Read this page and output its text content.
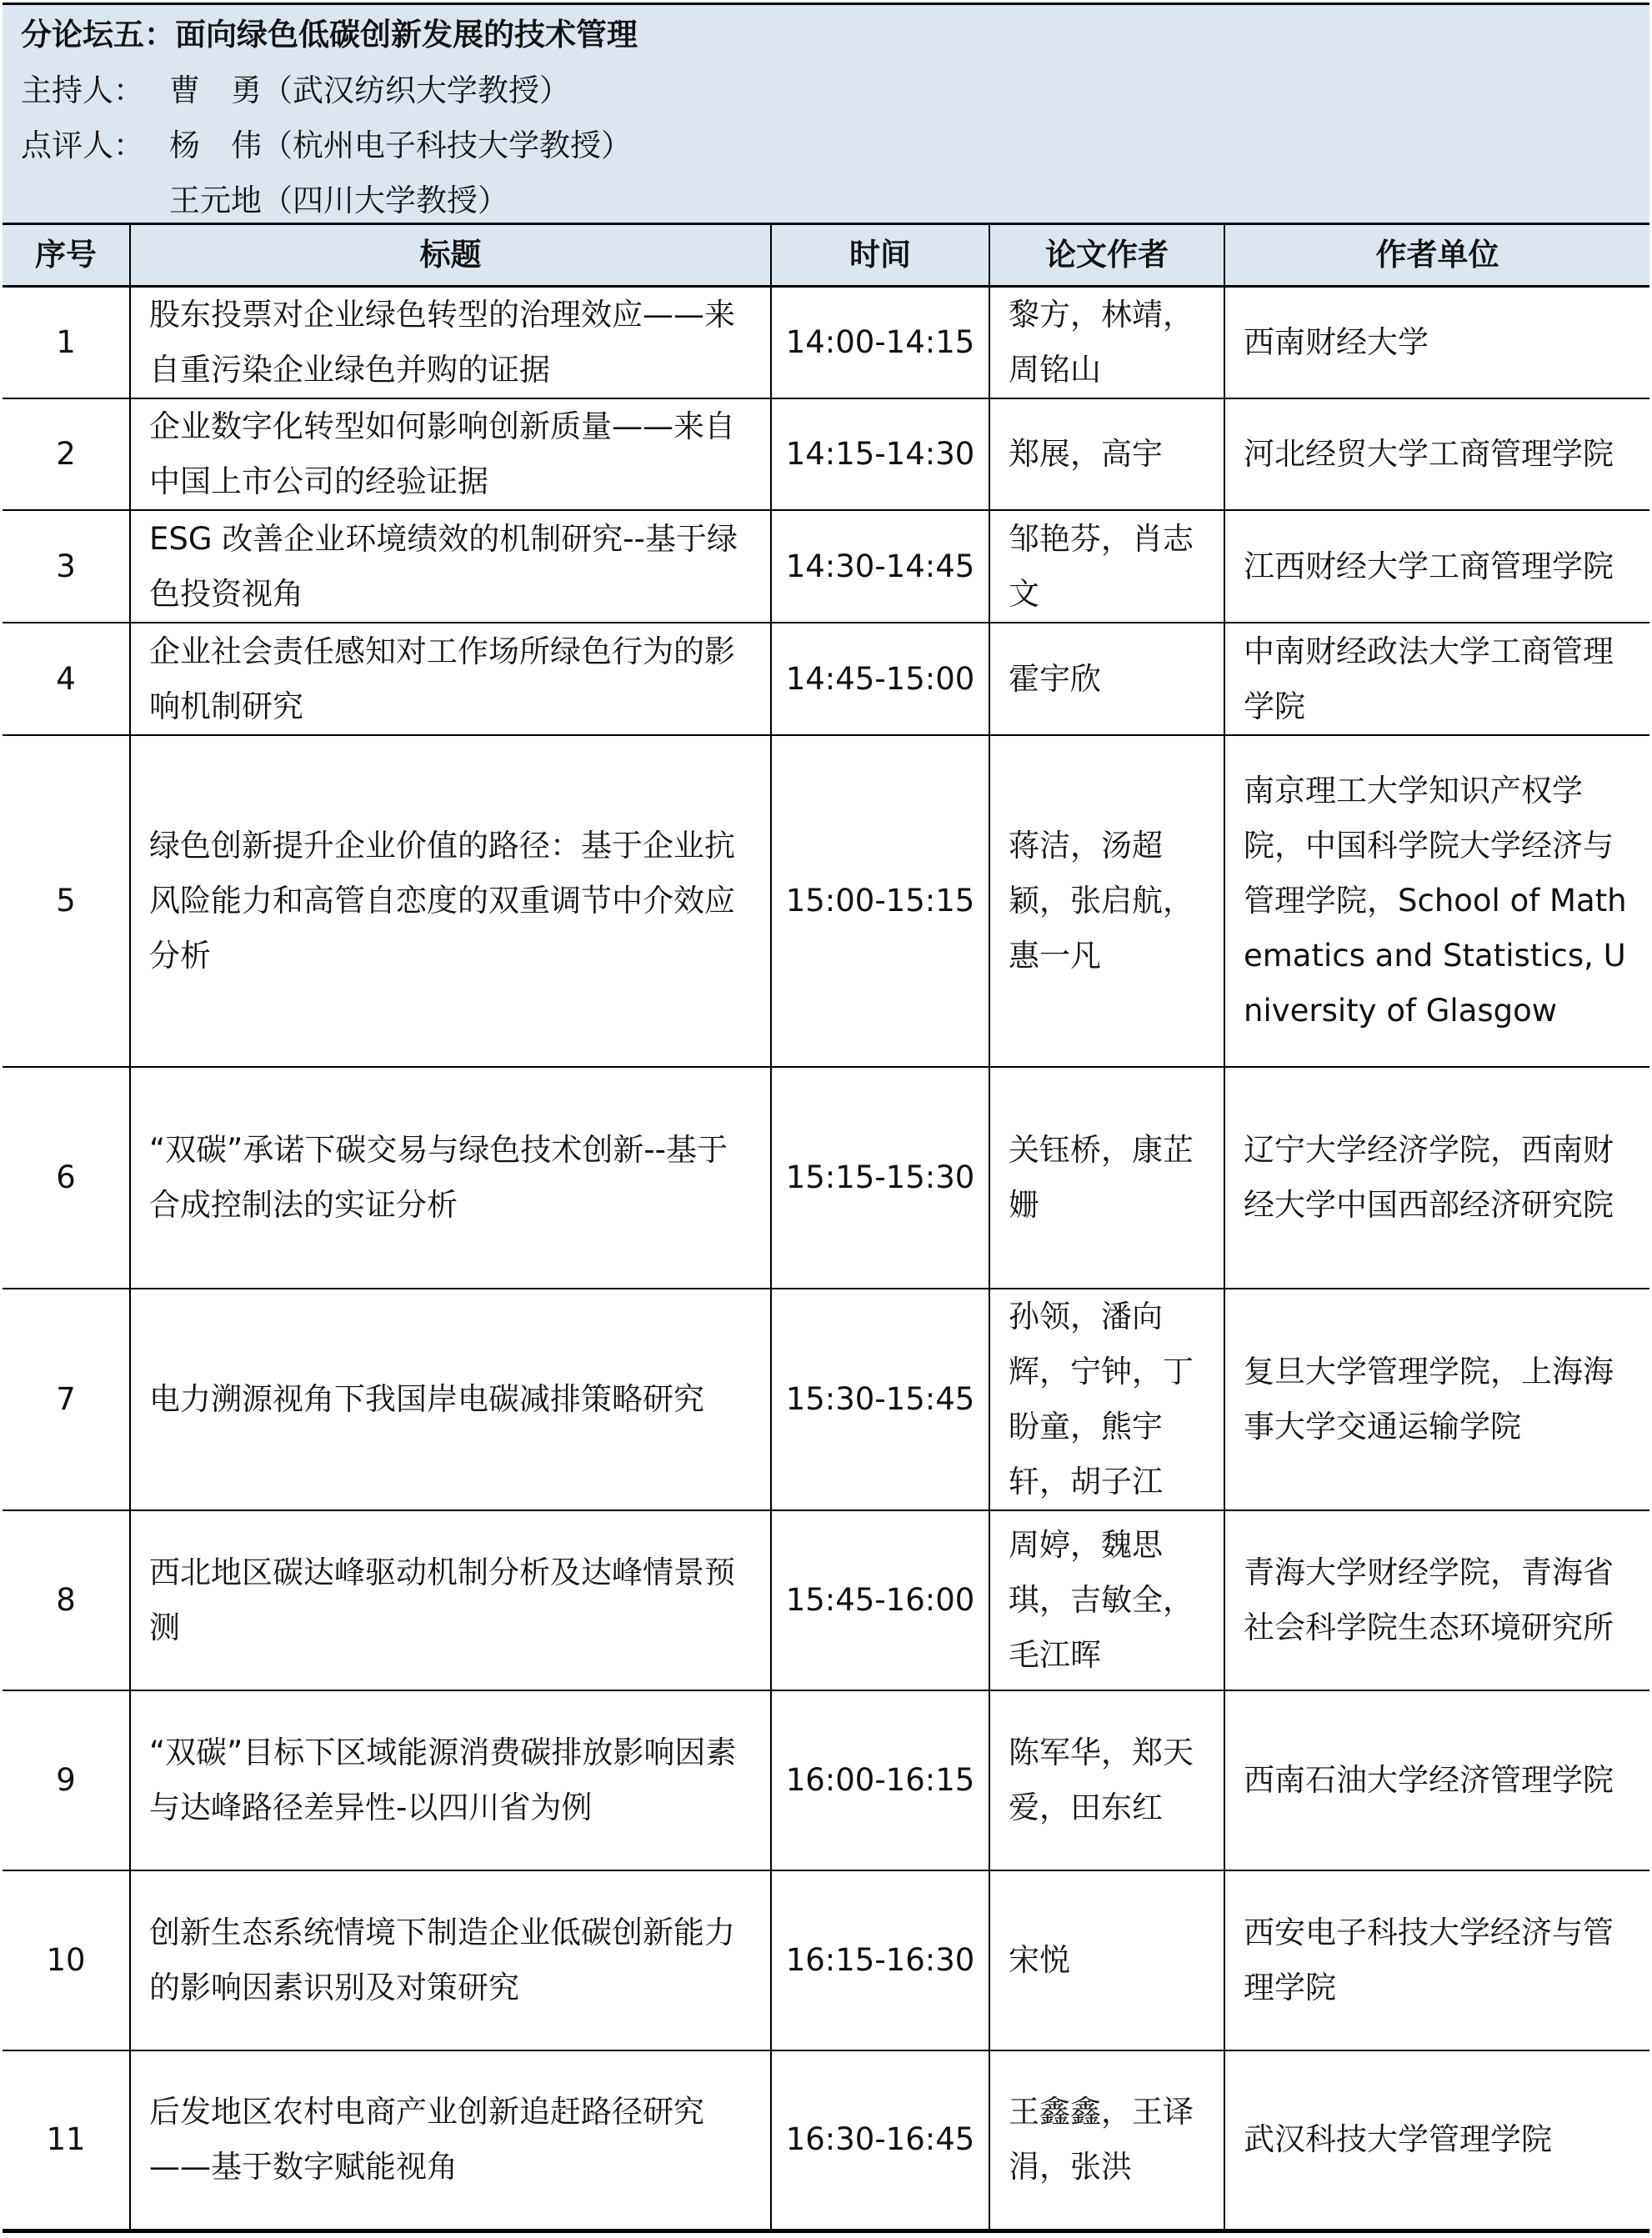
分论坛五：面向绿色低碳创新发展的技术管理
主持人： 曹　勇（武汉纺织大学教授）
点评人： 杨　伟（杭州电子科技大学教授）
王元地（四川大学教授）
序号	标题	时间	论文作者	作者单位
1	股东投票对企业绿色转型的治理效应——来自重污染企业绿色并购的证据	14:00-14:15	黎方，林靖，周铭山	西南财经大学
2	企业数字化转型如何影响创新质量——来自中国上市公司的经验证据	14:15-14:30	郑展，高宇	河北经贸大学工商管理学院
3	ESG 改善企业环境绩效的机制研究--基于绿色投资视角	14:30-14:45	邹艳芬，肖志文	江西财经大学工商管理学院
4	企业社会责任感知对工作场所绿色行为的影响机制研究	14:45-15:00	霍宇欣	中南财经政法大学工商管理学院
5	绿色创新提升企业价值的路径：基于企业抗风险能力和高管自恋度的双重调节中介效应分析	15:00-15:15	蒋洁，汤超颖，张启航，惠一凡	南京理工大学知识产权学院，中国科学院大学经济与管理学院，School of Mathematics and Statistics, University of Glasgow
6	“双碳”承诺下碳交易与绿色技术创新--基于合成控制法的实证分析	15:15-15:30	关钰桥，康芷姗	辽宁大学经济学院，西南财经大学中国西部经济研究院
7	电力溯源视角下我国岸电碳减排策略研究	15:30-15:45	孙领，潘向辉，宁钟，丁盼童，熊宇轩，胡子江	复旦大学管理学院，上海海事大学交通运输学院
8	西北地区碳达峰驱动机制分析及达峰情景预测	15:45-16:00	周婷，魏思琪，吉敏全，毛江晖	青海大学财经学院，青海省社会科学院生态环境研究所
9	“双碳”目标下区域能源消费碳排放影响因素与达峰路径差异性-以四川省为例	16:00-16:15	陈军华，郑天爱，田东红	西南石油大学经济管理学院
10	创新生态系统情境下制造企业低碳创新能力的影响因素识别及对策研究	16:15-16:30	宋悦	西安电子科技大学经济与管理学院
11	后发地区农村电商产业创新追赶路径研究——基于数字赋能视角	16:30-16:45	王鑫鑫，王译涓，张洪	武汉科技大学管理学院
